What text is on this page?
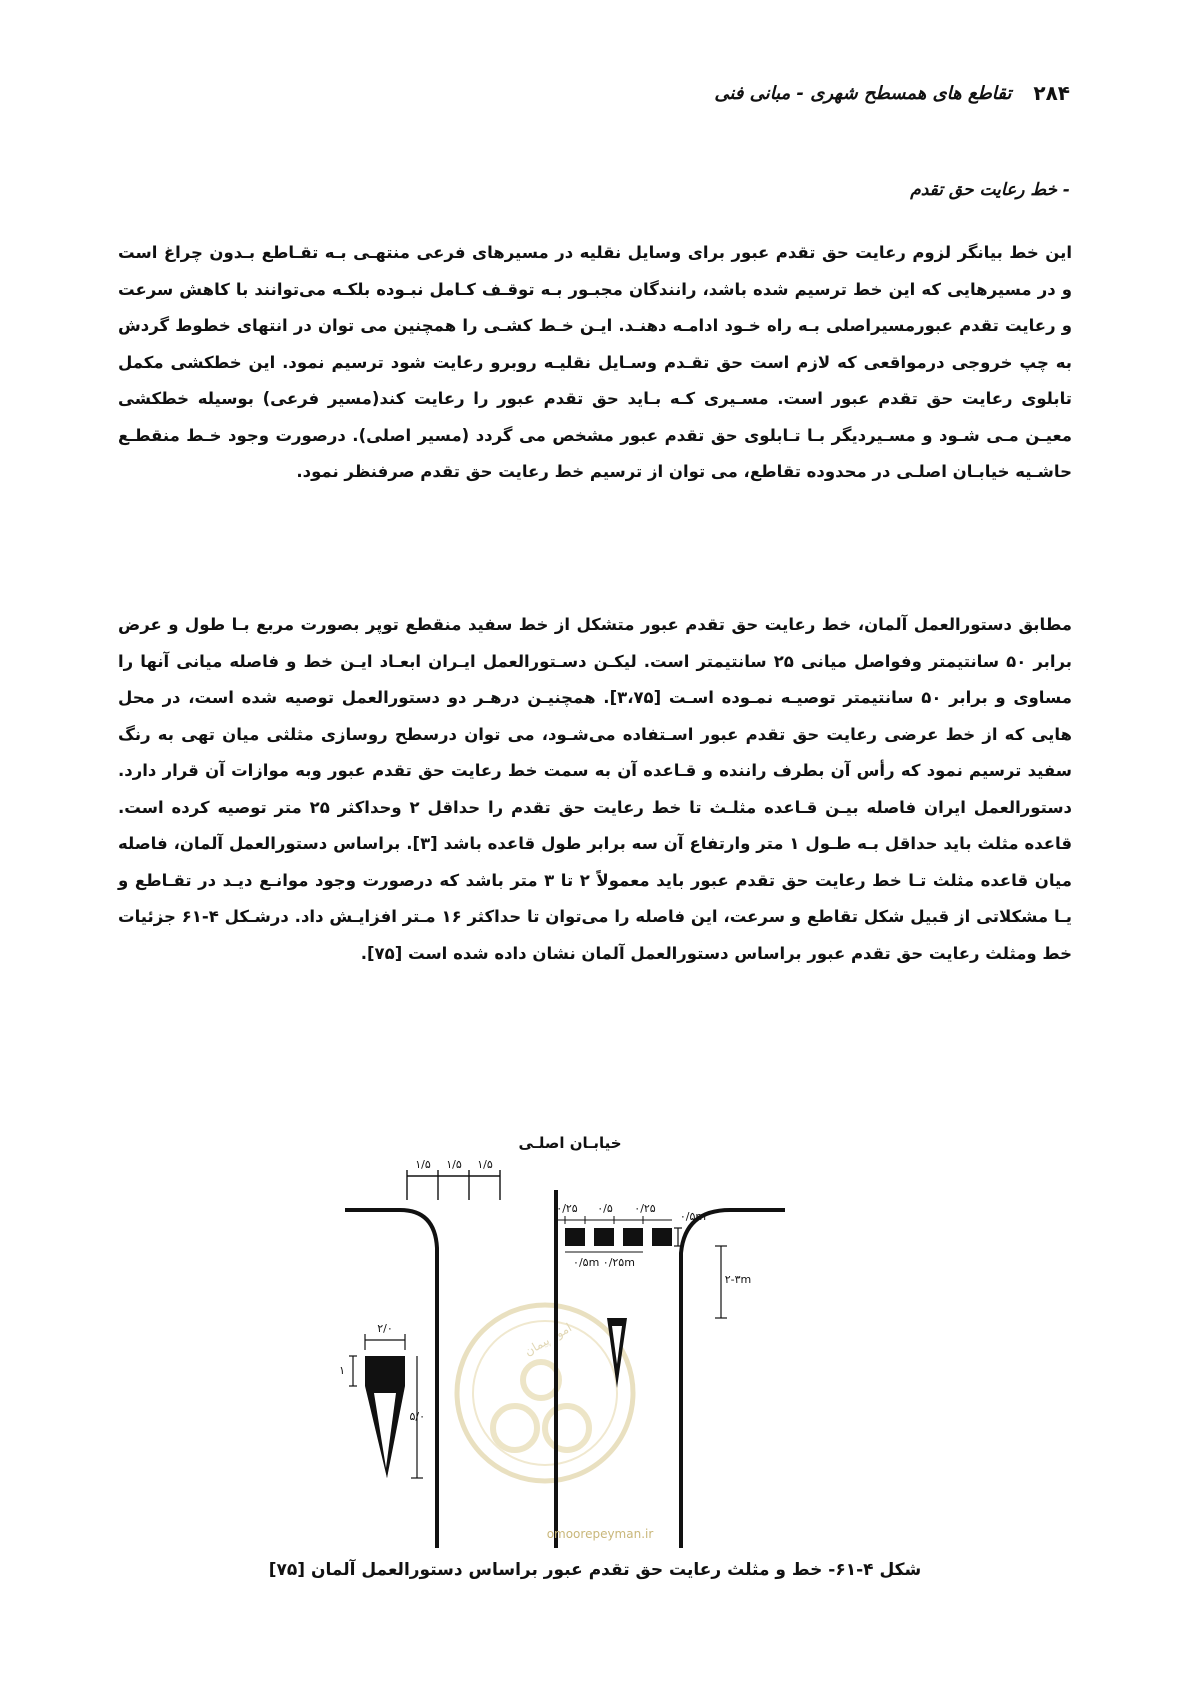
۲۸۴
تقاطع های همسطح شهری - مبانی فنی
- خط رعایت حق تقدم

این خط بیانگر لزوم رعایت حق تقدم عبور برای وسایل نقلیه در مسیرهای فرعی منتهـی بـه تقـاطع بـدون چراغ است و در مسیرهایی که این خط ترسیم شده باشد، رانندگان مجبـور بـه توقـف کـامل نبـوده بلکـه می‌توانند با کاهش سرعت و رعایت تقدم عبورمسیراصلی بـه راه خـود ادامـه دهنـد. ایـن خـط کشـی را همچنین می توان در انتهای خطوط گردش به چپ خروجی درمواقعی که لازم است حق تقـدم وسـایل نقلیـه روبرو رعایت شود ترسیم نمود. این خطکشی مکمل تابلوی رعایت حق تقدم عبور است. مسـیری کـه بـاید حق تقدم عبور را رعایت کند(مسیر فرعی) بوسیله خطکشی معیـن مـی شـود و مسـیردیگر بـا تـابلوی حق تقدم عبور مشخص می گردد (مسیر اصلی). درصورت وجود خـط منقطـع حاشـیه خیابـان اصلـی در محدوده تقاطع، می توان از ترسیم خط رعایت حق تقدم صرفنظر نمود.

مطابق دستورالعمل آلمان، خط رعایت حق تقدم عبور متشکل از خط سفید منقطع توپر بصورت مربع بـا طول و عرض برابر ۵۰ سانتیمتر وفواصل میانی ۲۵ سانتیمتر است. لیکـن دسـتورالعمل ایـران ابعـاد ایـن خط و فاصله میانی آنها را مساوی و برابر ۵۰ سانتیمتر توصیـه نمـوده اسـت [۳،۷۵]. همچنیـن درهـر دو دستورالعمل توصیه شده است، در محل هایی که از خط عرضی رعایت حق تقدم عبور اسـتفاده می‌شـود، می توان درسطح روسازی مثلثی میان تهی به رنگ سفید ترسیم نمود که رأس آن بطرف راننده و قـاعده آن به سمت خط رعایت حق تقدم عبور وبه موازات آن قرار دارد. دستورالعمل ایران فاصله بیـن قـاعده مثلـث تا خط رعایت حق تقدم را حداقل ۲ وحداکثر ۲۵ متر توصیه کرده است. قاعده مثلث باید حداقل بـه طـول ۱ متر وارتفاع آن سه برابر طول قاعده باشد [۳]. براساس دستورالعمل آلمان، فاصله میان قاعده مثلث تـا خط رعایت حق تقدم عبور باید معمولاً ۲ تا ۳ متر باشد که درصورت وجود موانـع دیـد در تقـاطع و یـا مشکلاتی از قبیل شکل تقاطع و سرعت، این فاصله را می‌توان تا حداکثر ۱۶ مـتر افزایـش داد. درشـکل ۴-۶۱ جزئیات خط ومثلث رعایت حق تقدم عبور براساس دستورالعمل آلمان نشان داده شده است [۷۵].

امور پیمان
خیابـان اصلـی
۱/۵ ۱/۵ ۱/۵
۰/۲۵ ۰/۵ ۰/۲۵
۰/۵m
۰/۵m ۰/۲۵m
۲-۳m
۲/۰
۱
۵/۰
omoorepeyman.ir
شکل ۴-۶۱- خط و مثلث رعایت حق تقدم عبور براساس دستورالعمل آلمان [۷۵]
